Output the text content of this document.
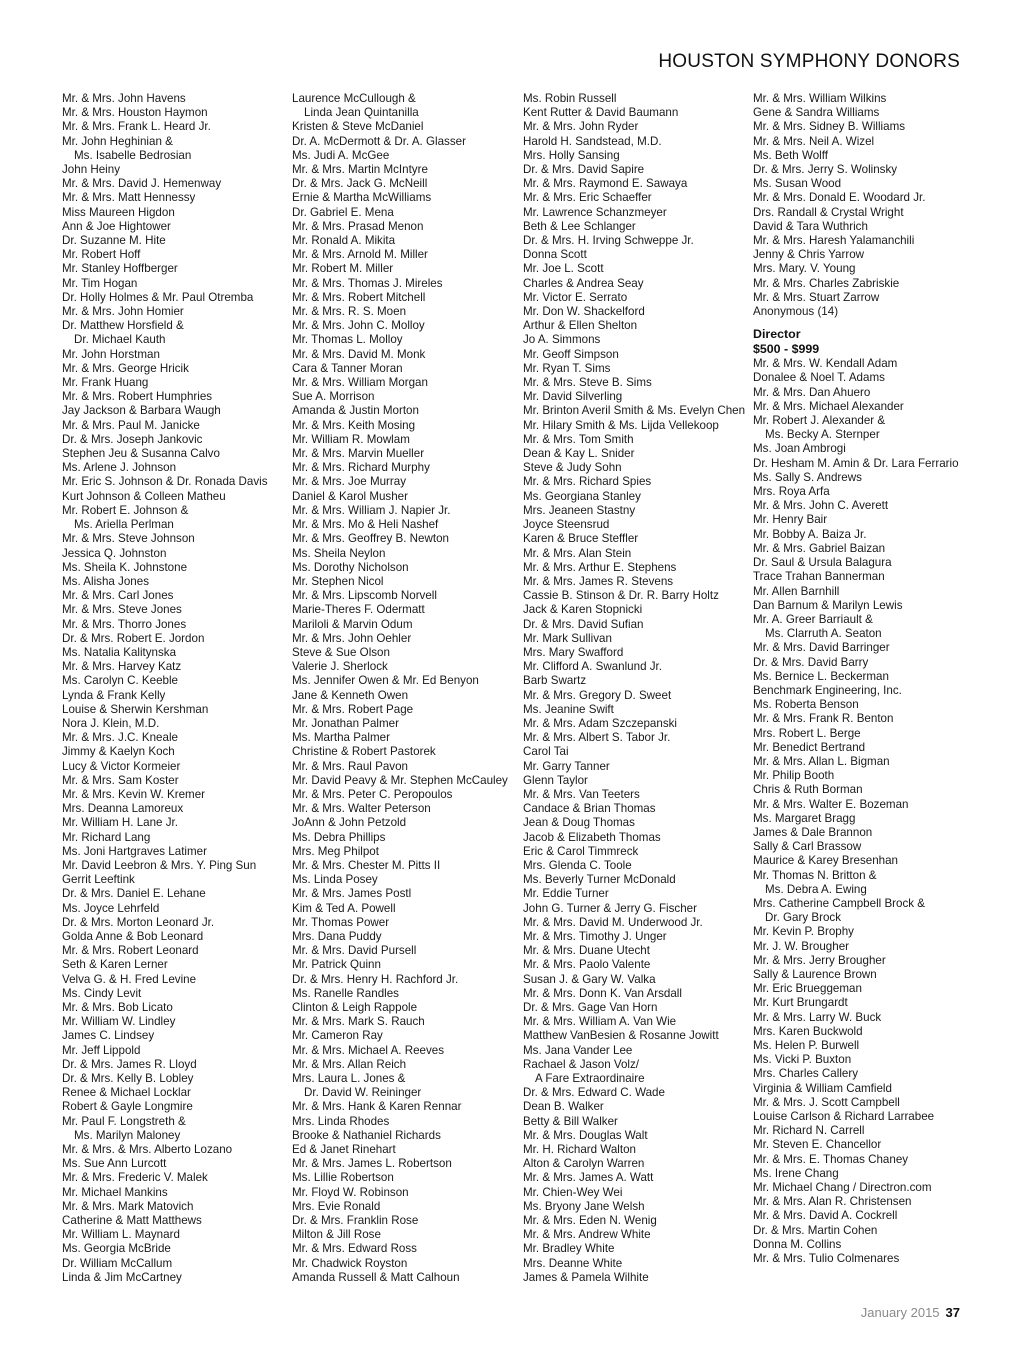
HOUSTON SYMPHONY DONORS
Mr. & Mrs. John Havens
Mr. & Mrs. Houston Haymon
Mr. & Mrs. Frank L. Heard Jr.
Mr. John Heghinian &
Ms. Isabelle Bedrosian
John Heiny
Mr. & Mrs. David J. Hemenway
Mr. & Mrs. Matt Hennessy
Miss Maureen Higdon
Ann & Joe Hightower
Dr. Suzanne M. Hite
Mr. Robert Hoff
Mr. Stanley Hoffberger
Mr. Tim Hogan
Dr. Holly Holmes & Mr. Paul Otremba
Mr. & Mrs. John Homier
Dr. Matthew Horsfield &
Dr. Michael Kauth
Mr. John Horstman
Mr. & Mrs. George Hricik
Mr. Frank Huang
Mr. & Mrs. Robert Humphries
Jay Jackson & Barbara Waugh
Mr. & Mrs. Paul M. Janicke
Dr. & Mrs. Joseph Jankovic
Stephen Jeu & Susanna Calvo
Ms. Arlene J. Johnson
Mr. Eric S. Johnson & Dr. Ronada Davis
Kurt Johnson & Colleen Matheu
Mr. Robert E. Johnson &
Ms. Ariella Perlman
Mr. & Mrs. Steve Johnson
Jessica Q. Johnston
Ms. Sheila K. Johnstone
Ms. Alisha Jones
Mr. & Mrs. Carl Jones
Mr. & Mrs. Steve Jones
Mr. & Mrs. Thorro Jones
Dr. & Mrs. Robert E. Jordon
Ms. Natalia Kalitynska
Mr. & Mrs. Harvey Katz
Ms. Carolyn C. Keeble
Lynda & Frank Kelly
Louise & Sherwin Kershman
Nora J. Klein, M.D.
Mr. & Mrs. J.C. Kneale
Jimmy & Kaelyn Koch
Lucy & Victor Kormeier
Mr. & Mrs. Sam Koster
Mr. & Mrs. Kevin W. Kremer
Mrs. Deanna Lamoreux
Mr. William H. Lane Jr.
Mr. Richard Lang
Ms. Joni Hartgraves Latimer
Mr. David Leebron & Mrs. Y. Ping Sun
Gerrit Leeftink
Dr. & Mrs. Daniel E. Lehane
Ms. Joyce Lehrfeld
Dr. & Mrs. Morton Leonard Jr.
Golda Anne & Bob Leonard
Mr. & Mrs. Robert Leonard
Seth & Karen Lerner
Velva G. & H. Fred Levine
Ms. Cindy Levit
Mr. & Mrs. Bob Licato
Mr. William W. Lindley
James C. Lindsey
Mr. Jeff Lippold
Dr. & Mrs. James R. Lloyd
Dr. & Mrs. Kelly B. Lobley
Renee & Michael Locklar
Robert & Gayle Longmire
Mr. Paul F. Longstreth &
Ms. Marilyn Maloney
Mr. & Mrs. & Mrs. Alberto Lozano
Ms. Sue Ann Lurcott
Mr. & Mrs. Frederic V. Malek
Mr. Michael Mankins
Mr. & Mrs. Mark Matovich
Catherine & Matt Matthews
Mr. William L. Maynard
Ms. Georgia McBride
Dr. William McCallum
Linda & Jim McCartney
Laurence McCullough &
Linda Jean Quintanilla
Kristen & Steve McDaniel
Dr. A. McDermott & Dr. A. Glasser
Ms. Judi A. McGee
Mr. & Mrs. Martin McIntyre
Dr. & Mrs. Jack G. McNeill
Ernie & Martha McWilliams
Dr. Gabriel E. Mena
Mr. & Mrs. Prasad Menon
Mr. Ronald A. Mikita
Mr. & Mrs. Arnold M. Miller
Mr. Robert M. Miller
Mr. & Mrs. Thomas J. Mireles
Mr. & Mrs. Robert Mitchell
Mr. & Mrs. R. S. Moen
Mr. & Mrs. John C. Molloy
Mr. Thomas L. Molloy
Mr. & Mrs. David M. Monk
Cara & Tanner Moran
Mr. & Mrs. William Morgan
Sue A. Morrison
Amanda & Justin Morton
Mr. & Mrs. Keith Mosing
Mr. William R. Mowlam
Mr. & Mrs. Marvin Mueller
Mr. & Mrs. Richard Murphy
Mr. & Mrs. Joe Murray
Daniel & Karol Musher
Mr. & Mrs. William J. Napier Jr.
Mr. & Mrs. Mo & Heli Nashef
Mr. & Mrs. Geoffrey B. Newton
Ms. Sheila Neylon
Ms. Dorothy Nicholson
Mr. Stephen Nicol
Mr. & Mrs. Lipscomb Norvell
Marie-Theres F. Odermatt
Mariloli & Marvin Odum
Mr. & Mrs. John Oehler
Steve & Sue Olson
Valerie J. Sherlock
Ms. Jennifer Owen & Mr. Ed Benyon
Jane & Kenneth Owen
Mr. & Mrs. Robert Page
Mr. Jonathan Palmer
Ms. Martha Palmer
Christine & Robert Pastorek
Mr. & Mrs. Raul Pavon
Mr. David Peavy & Mr. Stephen McCauley
Mr. & Mrs. Peter C. Peropoulos
Mr. & Mrs. Walter Peterson
JoAnn & John Petzold
Ms. Debra Phillips
Mrs. Meg Philpot
Mr. & Mrs. Chester M. Pitts II
Ms. Linda Posey
Mr. & Mrs. James Postl
Kim & Ted A. Powell
Mr. Thomas Power
Mrs. Dana Puddy
Mr. & Mrs. David Pursell
Mr. Patrick Quinn
Dr. & Mrs. Henry H. Rachford Jr.
Ms. Ranelle Randles
Clinton & Leigh Rappole
Mr. & Mrs. Mark S. Rauch
Mr. Cameron Ray
Mr. & Mrs. Michael A. Reeves
Mr. & Mrs. Allan Reich
Mrs. Laura L. Jones &
Dr. David W. Reininger
Mr. & Mrs. Hank & Karen Rennar
Mrs. Linda Rhodes
Brooke & Nathaniel Richards
Ed & Janet Rinehart
Mr. & Mrs. James L. Robertson
Ms. Lillie Robertson
Mr. Floyd W. Robinson
Mrs. Evie Ronald
Dr. & Mrs. Franklin Rose
Milton & Jill Rose
Mr. & Mrs. Edward Ross
Mr. Chadwick Royston
Amanda Russell & Matt Calhoun
Ms. Robin Russell
Kent Rutter & David Baumann
Mr. & Mrs. John Ryder
Harold H. Sandstead, M.D.
Mrs. Holly Sansing
Dr. & Mrs. David Sapire
Mr. & Mrs. Raymond E. Sawaya
Mr. & Mrs. Eric Schaeffer
Mr. Lawrence Schanzmeyer
Beth & Lee Schlanger
Dr. & Mrs. H. Irving Schweppe Jr.
Donna Scott
Mr. Joe L. Scott
Charles & Andrea Seay
Mr. Victor E. Serrato
Mr. Don W. Shackelford
Arthur & Ellen Shelton
Jo A. Simmons
Mr. Geoff Simpson
Mr. Ryan T. Sims
Mr. & Mrs. Steve B. Sims
Mr. David Silverling
Mr. Brinton Averil Smith & Ms. Evelyn Chen
Mr. Hilary Smith & Ms. Lijda Vellekoop
Mr. & Mrs. Tom Smith
Dean & Kay L. Snider
Steve & Judy Sohn
Mr. & Mrs. Richard Spies
Ms. Georgiana Stanley
Mrs. Jeaneen Stastny
Joyce Steensrud
Karen & Bruce Steffler
Mr. & Mrs. Alan Stein
Mr. & Mrs. Arthur E. Stephens
Mr. & Mrs. James R. Stevens
Cassie B. Stinson & Dr. R. Barry Holtz
Jack & Karen Stopnicki
Dr. & Mrs. David Sufian
Mr. Mark Sullivan
Mrs. Mary Swafford
Mr. Clifford A. Swanlund Jr.
Barb Swartz
Mr. & Mrs. Gregory D. Sweet
Ms. Jeanine Swift
Mr. & Mrs. Adam Szczepanski
Mr. & Mrs. Albert S. Tabor Jr.
Carol Tai
Mr. Garry Tanner
Glenn Taylor
Mr. & Mrs. Van Teeters
Candace & Brian Thomas
Jean & Doug Thomas
Jacob & Elizabeth Thomas
Eric & Carol Timmreck
Mrs. Glenda C. Toole
Ms. Beverly Turner McDonald
Mr. Eddie Turner
John G. Turner & Jerry G. Fischer
Mr. & Mrs. David M. Underwood Jr.
Mr. & Mrs. Timothy J. Unger
Mr. & Mrs. Duane Utecht
Mr. & Mrs. Paolo Valente
Susan J. & Gary W. Valka
Mr. & Mrs. Donn K. Van Arsdall
Dr. & Mrs. Gage Van Horn
Mr. & Mrs. William A. Van Wie
Matthew VanBesien & Rosanne Jowitt
Ms. Jana Vander Lee
Rachael & Jason Volz/
A Fare Extraordinaire
Dr. & Mrs. Edward C. Wade
Dean B. Walker
Betty & Bill Walker
Mr. & Mrs. Douglas Walt
Mr. H. Richard Walton
Alton & Carolyn Warren
Mr. & Mrs. James A. Watt
Mr. Chien-Wey Wei
Ms. Bryony Jane Welsh
Mr. & Mrs. Eden N. Wenig
Mr. & Mrs. Andrew White
Mr. Bradley White
Mrs. Deanne White
James & Pamela Wilhite
Mr. & Mrs. William Wilkins
Gene & Sandra Williams
Mr. & Mrs. Sidney B. Williams
Mr. & Mrs. Neil A. Wizel
Ms. Beth Wolff
Dr. & Mrs. Jerry S. Wolinsky
Ms. Susan Wood
Mr. & Mrs. Donald E. Woodard Jr.
Drs. Randall & Crystal Wright
David & Tara Wuthrich
Mr. & Mrs. Haresh Yalamanchili
Jenny & Chris Yarrow
Mrs. Mary. V. Young
Mr. & Mrs. Charles Zabriskie
Mr. & Mrs. Stuart Zarrow
Anonymous (14)
Director
$500 - $999
Mr. & Mrs. W. Kendall Adam
Donalee & Noel T. Adams
Mr. & Mrs. Dan Ahuero
Mr. & Mrs. Michael Alexander
Mr. Robert J. Alexander &
Ms. Becky A. Sternper
Ms. Joan Ambrogi
Dr. Hesham M. Amin & Dr. Lara Ferrario
Ms. Sally S. Andrews
Mrs. Roya Arfa
Mr. & Mrs. John C. Averett
Mr. Henry Bair
Mr. Bobby A. Baiza Jr.
Mr. & Mrs. Gabriel Baizan
Dr. Saul & Ursula Balagura
Trace Trahan Bannerman
Mr. Allen Barnhill
Dan Barnum & Marilyn Lewis
Mr. A. Greer Barriault &
Ms. Clarruth A. Seaton
Mr. & Mrs. David Barringer
Dr. & Mrs. David Barry
Ms. Bernice L. Beckerman
Benchmark Engineering, Inc.
Ms. Roberta Benson
Mr. & Mrs. Frank R. Benton
Mrs. Robert L. Berge
Mr. Benedict Bertrand
Mr. & Mrs. Allan L. Bigman
Mr. Philip Booth
Chris & Ruth Borman
Mr. & Mrs. Walter E. Bozeman
Ms. Margaret Bragg
James & Dale Brannon
Sally & Carl Brassow
Maurice & Karey Bresenhan
Mr. Thomas N. Britton &
Ms. Debra A. Ewing
Mrs. Catherine Campbell Brock &
Dr. Gary Brock
Mr. Kevin P. Brophy
Mr. J. W. Brougher
Mr. & Mrs. Jerry Brougher
Sally & Laurence Brown
Mr. Eric Brueggeman
Mr. Kurt Brungardt
Mr. & Mrs. Larry W. Buck
Mrs. Karen Buckwold
Ms. Helen P. Burwell
Ms. Vicki P. Buxton
Mrs. Charles Callery
Virginia & William Camfield
Mr. & Mrs. J. Scott Campbell
Louise Carlson & Richard Larrabee
Mr. Richard N. Carrell
Mr. Steven E. Chancellor
Mr. & Mrs. E. Thomas Chaney
Ms. Irene Chang
Mr. Michael Chang / Directron.com
Mr. & Mrs. Alan R. Christensen
Mr. & Mrs. David A. Cockrell
Dr. & Mrs. Martin Cohen
Donna M. Collins
Mr. & Mrs. Tulio Colmenares
January 2015 37
